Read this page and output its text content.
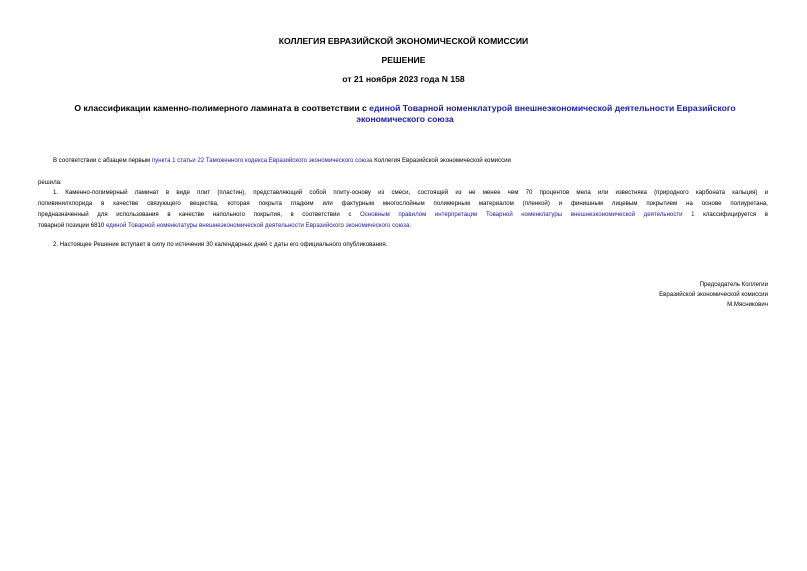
КОЛЛЕГИЯ ЕВРАЗИЙСКОЙ ЭКОНОМИЧЕСКОЙ КОМИССИИ
РЕШЕНИЕ
от 21 ноября 2023 года N 158
О классификации каменно-полимерного ламината в соответствии с единой Товарной номенклатурой внешнеэкономической деятельности Евразийского
экономического союза
В соответствии с абзацем первым пункта 1 статьи 22 Таможенного кодекса Евразийского экономического союза Коллегия Евразийской экономической комиссии
решила:
1. Каменно-полимерный ламинат в виде плит (пластин), представляющий собой плиту-основу из смеси, состоящей из не менее чем 70 процентов мела или известняка (природного карбоната кальция) и
поливинилхлорида в качестве связующего вещества, которая покрыта гладким или фактурным многослойным полимерным материалом (пленкой) и финишным лицевым покрытием на основе полиуретана,
предназначенный для использования в качестве напольного покрытия, в соответствии с Основным правилом интерпретации Товарной номенклатуры внешнеэкономической деятельности 1 классифицируется в
товарной позиции 6810 единой Товарной номенклатуры внешнеэкономической деятельности Евразийского экономического союза.
2. Настоящее Решение вступает в силу по истечении 30 календарных дней с даты его официального опубликования.
Председатель Коллегии
Евразийской экономической комиссии
М.Мясникович
